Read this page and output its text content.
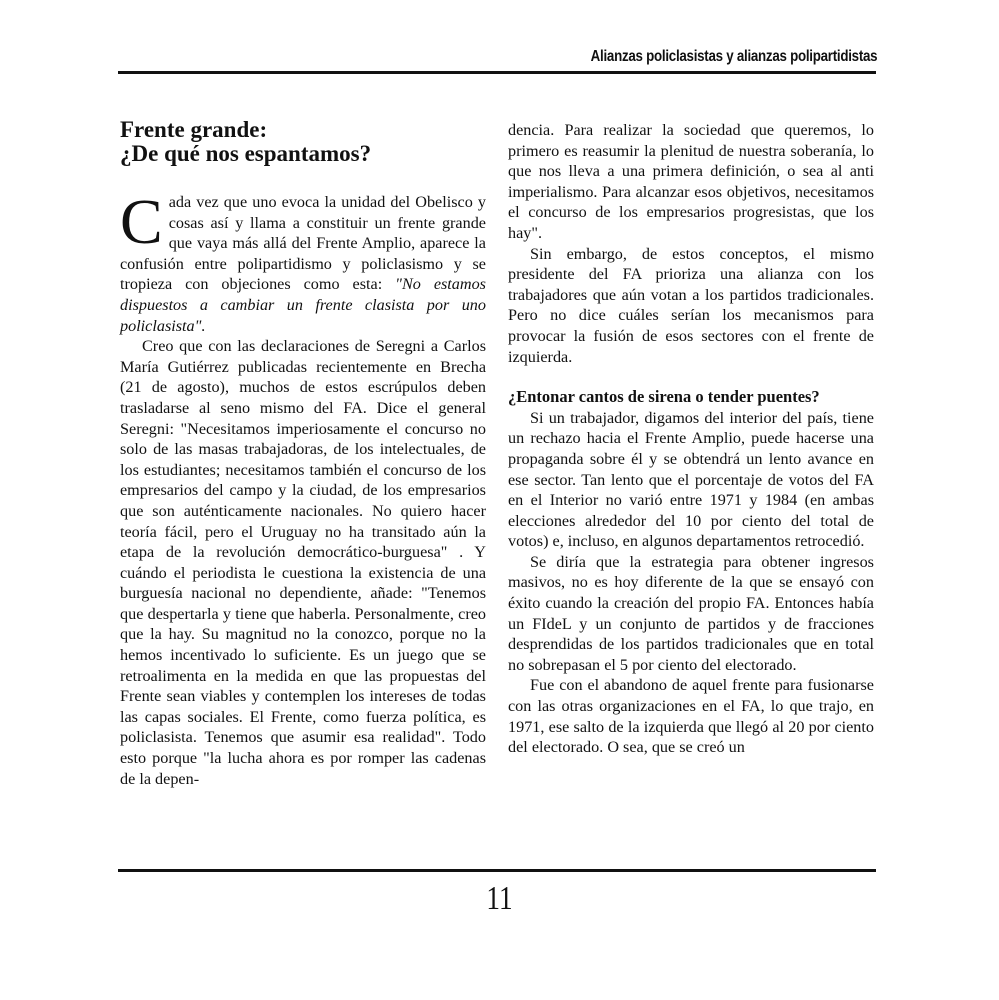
Alianzas policlasistas y alianzas polipartidistas
Frente grande:
¿De qué nos espantamos?

Cada vez que uno evoca la unidad del Obelisco y cosas así y llama a constituir un frente grande que vaya más allá del Frente Amplio, aparece la confusión entre polipartidismo y policlasismo y se tropieza con objeciones como esta: "No estamos dispuestos a cambiar un frente clasista por uno policlasista".

Creo que con las declaraciones de Seregni a Carlos María Gutiérrez publicadas recientemente en Brecha (21 de agosto), muchos de estos escrúpulos deben trasladarse al seno mismo del FA. Dice el general Seregni: "Necesitamos imperiosamente el concurso no solo de las masas trabajadoras, de los intelectuales, de los estudiantes; necesitamos también el concurso de los empresarios del campo y la ciudad, de los empresarios que son auténticamente nacionales. No quiero hacer teoría fácil, pero el Uruguay no ha transitado aún la etapa de la revolución democrático-burguesa" . Y cuándo el periodista le cuestiona la existencia de una burguesía nacional no dependiente, añade: "Tenemos que despertarla y tiene que haberla. Personalmente, creo que la hay. Su magnitud no la conozco, porque no la hemos incentivado lo suficiente. Es un juego que se retroalimenta en la medida en que las propuestas del Frente sean viables y contemplen los intereses de todas las capas sociales. El Frente, como fuerza política, es policlasista. Tenemos que asumir esa realidad". Todo esto porque "la lucha ahora es por romper las cadenas de la depen-

dencia. Para realizar la sociedad que queremos, lo primero es reasumir la plenitud de nuestra soberanía, lo que nos lleva a una primera definición, o sea al anti imperialismo. Para alcanzar esos objetivos, necesitamos el concurso de los empresarios progresistas, que los hay".

Sin embargo, de estos conceptos, el mismo presidente del FA prioriza una alianza con los trabajadores que aún votan a los partidos tradicionales. Pero no dice cuáles serían los mecanismos para provocar la fusión de esos sectores con el frente de izquierda.

¿Entonar cantos de sirena o tender puentes?

Si un trabajador, digamos del interior del país, tiene un rechazo hacia el Frente Amplio, puede hacerse una propaganda sobre él y se obtendrá un lento avance en ese sector. Tan lento que el porcentaje de votos del FA en el Interior no varió entre 1971 y 1984 (en ambas elecciones alrededor del 10 por ciento del total de votos) e, incluso, en algunos departamentos retrocedió.

Se diría que la estrategia para obtener ingresos masivos, no es hoy diferente de la que se ensayó con éxito cuando la creación del propio FA. Entonces había un FIdeL y un conjunto de partidos y de fracciones desprendidas de los partidos tradicionales que en total no sobrepasan el 5 por ciento del electorado.

Fue con el abandono de aquel frente para fusionarse con las otras organizaciones en el FA, lo que trajo, en 1971, ese salto de la izquierda que llegó al 20 por ciento del electorado. O sea, que se creó un

11
